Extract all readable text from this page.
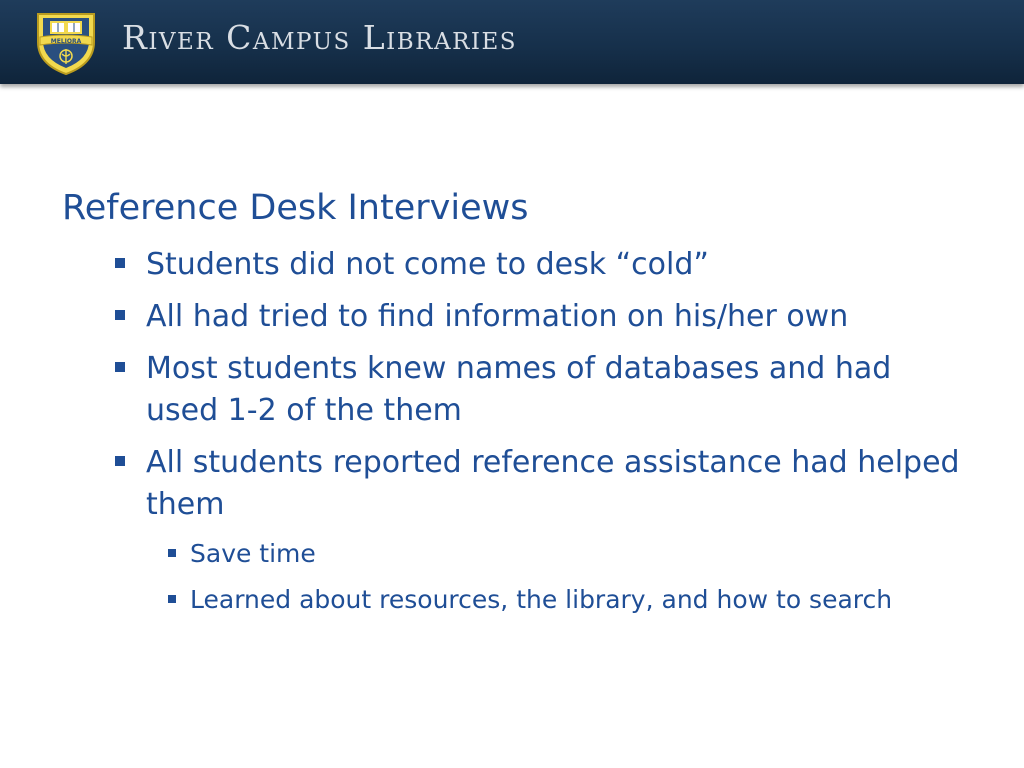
MELIORA River Campus Libraries
Reference Desk Interviews
Students did not come to desk “cold”
All had tried to find information on his/her own
Most students knew names of databases and had used 1-2 of the them
All students reported reference assistance had helped them
Save time
Learned about resources, the library, and how to search
